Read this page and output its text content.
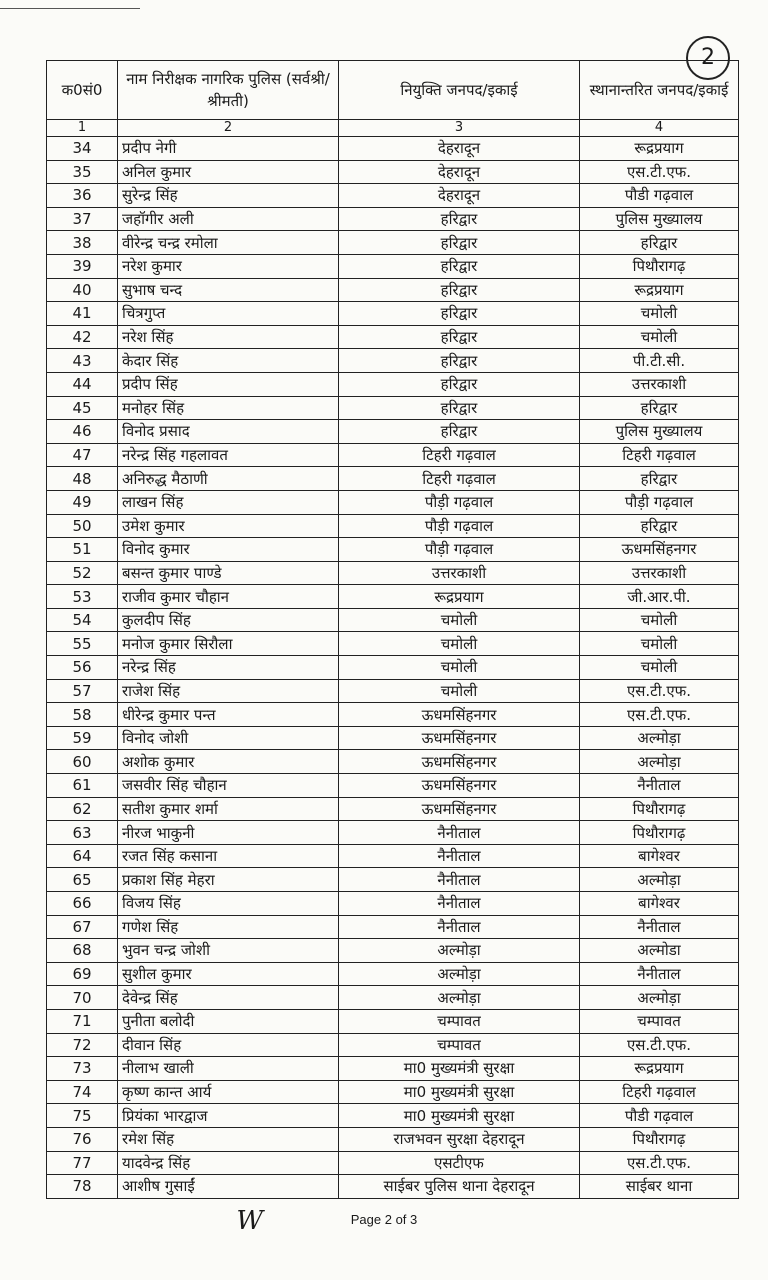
2
क0सं0	नाम निरीक्षक नागरिक पुलिस (सर्वश्री/श्रीमती)	नियुक्ति जनपद/इकाई	स्थानान्तरित जनपद/इकाई
1	2	3	4
34	प्रदीप नेगी	देहरादून	रूद्रप्रयाग
35	अनिल कुमार	देहरादून	एस.टी.एफ.
36	सुरेन्द्र सिंह	देहरादून	पौडी गढ़वाल
37	जहॉगीर अली	हरिद्वार	पुलिस मुख्यालय
38	वीरेन्द्र चन्द्र रमोला	हरिद्वार	हरिद्वार
39	नरेश कुमार	हरिद्वार	पिथौरागढ़
40	सुभाष चन्द	हरिद्वार	रूद्रप्रयाग
41	चित्रगुप्त	हरिद्वार	चमोली
42	नरेश सिंह	हरिद्वार	चमोली
43	केदार सिंह	हरिद्वार	पी.टी.सी.
44	प्रदीप सिंह	हरिद्वार	उत्तरकाशी
45	मनोहर सिंह	हरिद्वार	हरिद्वार
46	विनोद प्रसाद	हरिद्वार	पुलिस मुख्यालय
47	नरेन्द्र सिंह गहलावत	टिहरी गढ़वाल	टिहरी गढ़वाल
48	अनिरुद्ध मैठाणी	टिहरी गढ़वाल	हरिद्वार
49	लाखन सिंह	पौड़ी गढ़वाल	पौड़ी गढ़वाल
50	उमेश कुमार	पौड़ी गढ़वाल	हरिद्वार
51	विनोद कुमार	पौड़ी गढ़वाल	ऊधमसिंहनगर
52	बसन्त कुमार पाण्डे	उत्तरकाशी	उत्तरकाशी
53	राजीव कुमार चौहान	रूद्रप्रयाग	जी.आर.पी.
54	कुलदीप सिंह	चमोली	चमोली
55	मनोज कुमार सिरौला	चमोली	चमोली
56	नरेन्द्र सिंह	चमोली	चमोली
57	राजेश सिंह	चमोली	एस.टी.एफ.
58	धीरेन्द्र कुमार पन्त	ऊधमसिंहनगर	एस.टी.एफ.
59	विनोद जोशी	ऊधमसिंहनगर	अल्मोड़ा
60	अशोक कुमार	ऊधमसिंहनगर	अल्मोड़ा
61	जसवीर सिंह चौहान	ऊधमसिंहनगर	नैनीताल
62	सतीश कुमार शर्मा	ऊधमसिंहनगर	पिथौरागढ़
63	नीरज भाकुनी	नैनीताल	पिथौरागढ़
64	रजत सिंह कसाना	नैनीताल	बागेश्वर
65	प्रकाश सिंह मेहरा	नैनीताल	अल्मोड़ा
66	विजय सिंह	नैनीताल	बागेश्वर
67	गणेश सिंह	नैनीताल	नैनीताल
68	भुवन चन्द्र जोशी	अल्मोड़ा	अल्मोडा
69	सुशील कुमार	अल्मोड़ा	नैनीताल
70	देवेन्द्र सिंह	अल्मोड़ा	अल्मोड़ा
71	पुनीता बलोदी	चम्पावत	चम्पावत
72	दीवान सिंह	चम्पावत	एस.टी.एफ.
73	नीलाभ खाली	मा0 मुख्यमंत्री सुरक्षा	रूद्रप्रयाग
74	कृष्ण कान्त आर्य	मा0 मुख्यमंत्री सुरक्षा	टिहरी गढ़वाल
75	प्रियंका भारद्वाज	मा0 मुख्यमंत्री सुरक्षा	पौडी गढ़वाल
76	रमेश सिंह	राजभवन सुरक्षा देहरादून	पिथौरागढ़
77	यादवेन्द्र सिंह	एसटीएफ	एस.टी.एफ.
78	आशीष गुसाईं	साईबर पुलिस थाना देहरादून	साईबर थाना
W	Page 2 of 3
